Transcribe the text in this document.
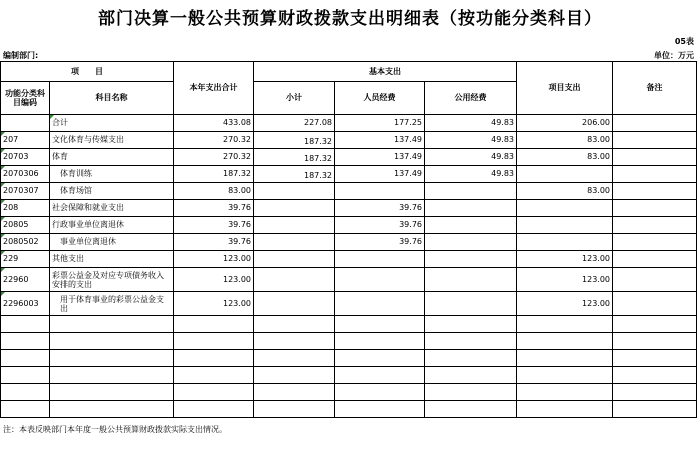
部门决算一般公共预算财政拨款支出明细表（按功能分类科目）
05表
编制部门:	单位：万元
项　　目		本年支出合计	基本支出			项目支出	备注
功能分类科目编码	科目名称		小计	人员经费	公用经费		
	合计	433.08	227.08	177.25	49.83	206.00	
207	文化体育与传媒支出	270.32	187.32	137.49	49.83	83.00	
20703	体育	270.32	187.32	137.49	49.83	83.00	
2070306	体育训练	187.32	187.32	137.49	49.83		
2070307	体育场馆	83.00				83.00	
208	社会保障和就业支出	39.76		39.76			
20805	行政事业单位离退休	39.76		39.76			
2080502	事业单位离退休	39.76		39.76			
229	其他支出	123.00				123.00	
22960	彩票公益金及对应专项债务收入安排的支出	123.00				123.00	
2296003	用于体育事业的彩票公益金支出	123.00				123.00	

注：本表反映部门本年度一般公共预算财政拨款实际支出情况。
